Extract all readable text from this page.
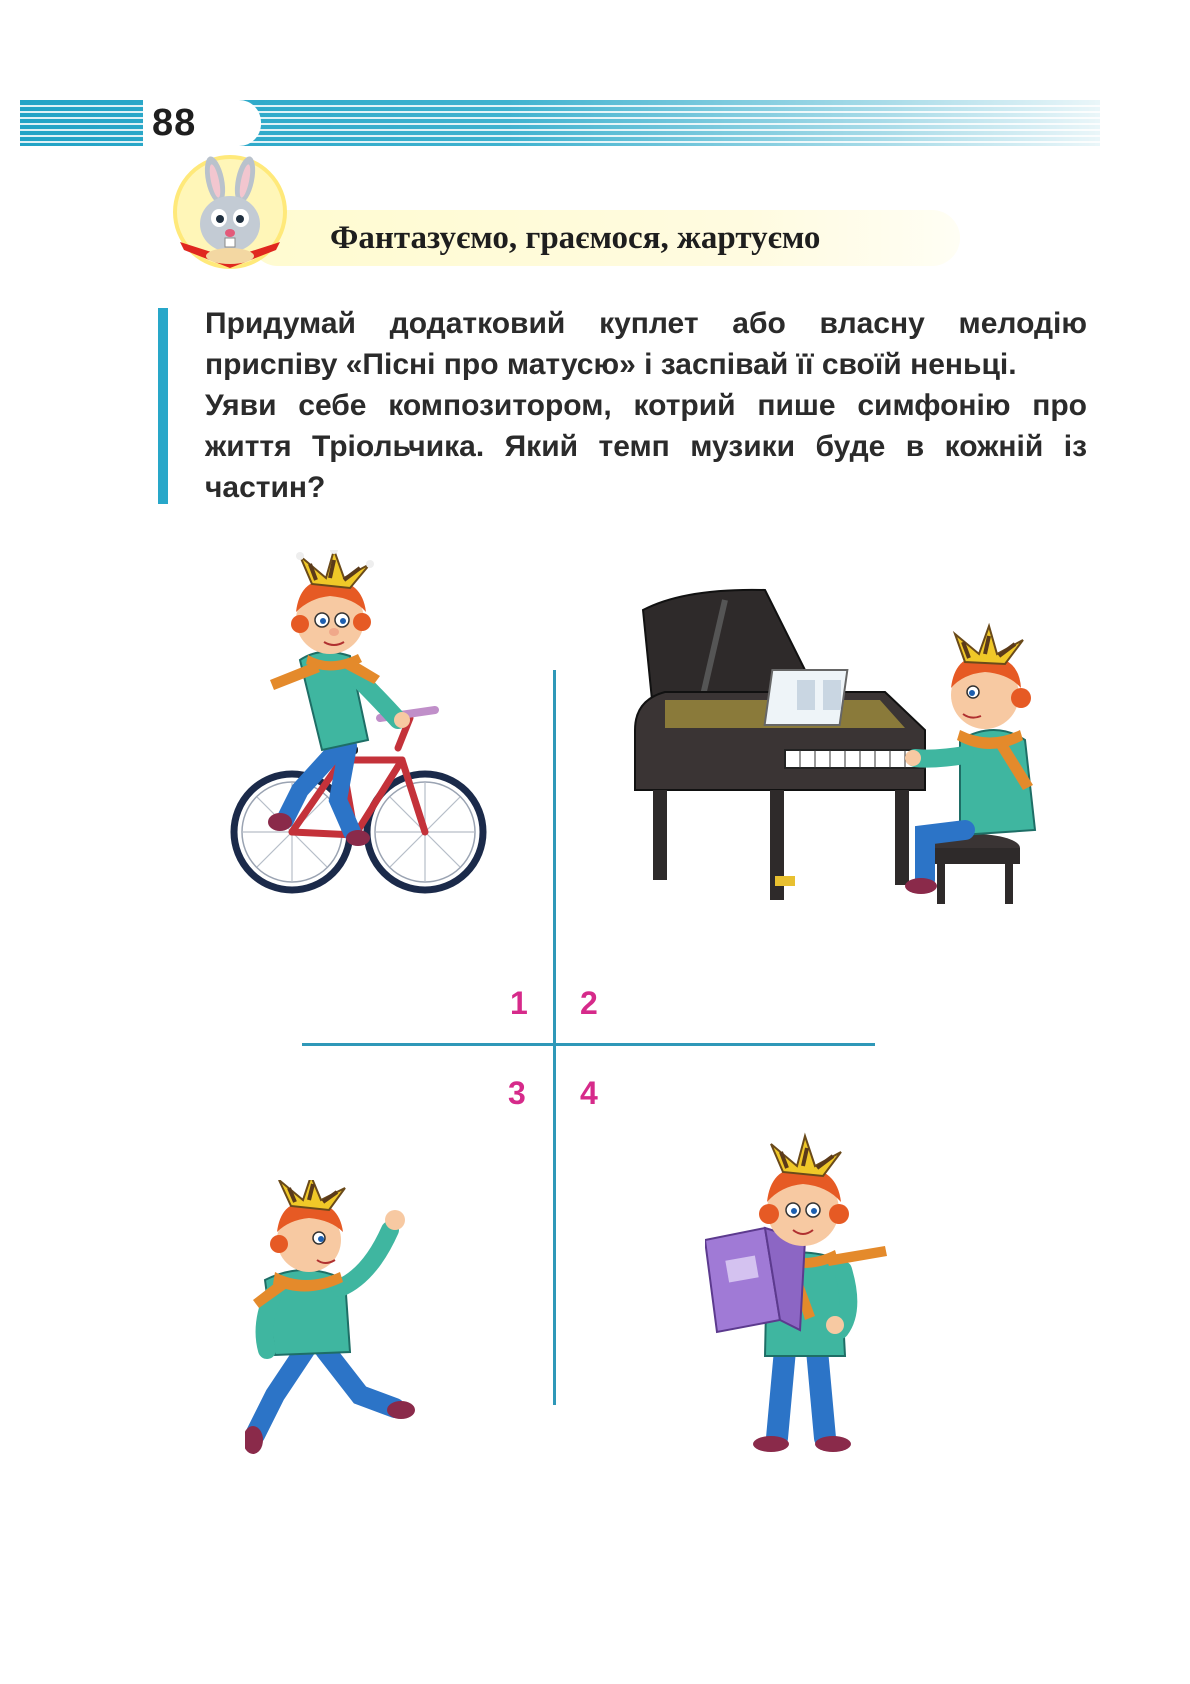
88
Фантазуємо, граємося, жартуємо

Придумай додатковий куплет або власну мелодію
приспіву «Пісні про матусю» і заспівай її своїй неньці.
Уяви себе композитором, котрий пише симфонію про
життя Тріольчика. Який темп музики буде в кожній із
частин?

1 2
3 4
